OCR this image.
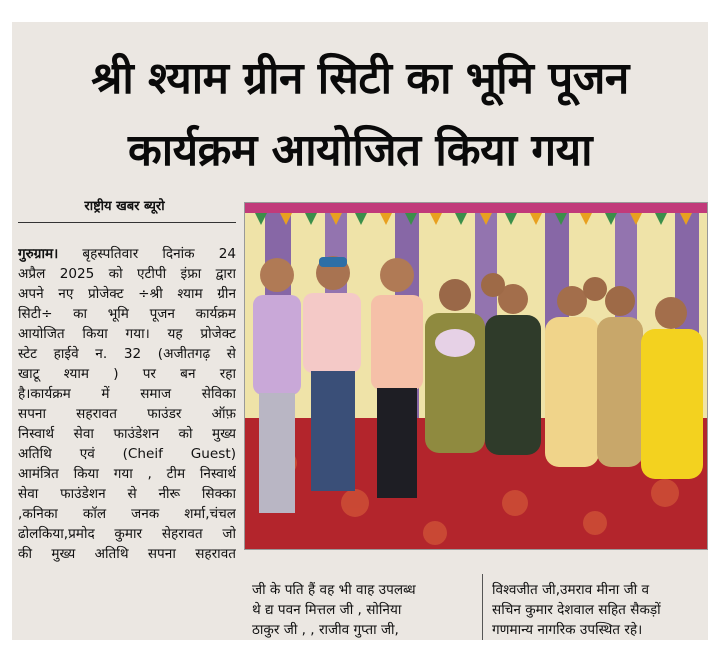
श्री श्याम ग्रीन सिटी का भूमि पूजन
कार्यक्रम आयोजित किया गया
राष्ट्रीय खबर ब्यूरो
गुरुग्राम। बृहस्पतिवार दिनांक 24
अप्रैल 2025 को एटीपी इंफ्रा द्वारा
अपने नए प्रोजेक्ट ÷श्री श्याम ग्रीन
सिटी÷ का भूमि पूजन कार्यक्रम
आयोजित किया गया। यह प्रोजेक्ट
स्टेट हाईवे न. 32 (अजीतगढ़ से
खाटू श्याम ) पर बन रहा
है।कार्यक्रम में समाज सेविका
सपना सहरावत फाउंडर ऑफ़
निस्वार्थ सेवा फाउंडेशन को मुख्य
अतिथि एवं (Cheif Guest)
आमंत्रित किया गया , टीम निस्वार्थ
सेवा फाउंडेशन से नीरू सिक्का
,कनिका कॉल जनक शर्मा,चंचल
ढोलकिया,प्रमोद कुमार सेहरावत जो
की मुख्य अतिथि सपना सहरावत
जी के पति हैं वह भी वाह उपलब्ध
थे द्य पवन मित्तल जी , सोनिया
ठाकुर जी , , राजीव गुप्ता जी,
विश्वजीत जी,उमराव मीना जी व
सचिन कुमार देशवाल सहित सैकड़ों
गणमान्य नागरिक उपस्थित रहे।
